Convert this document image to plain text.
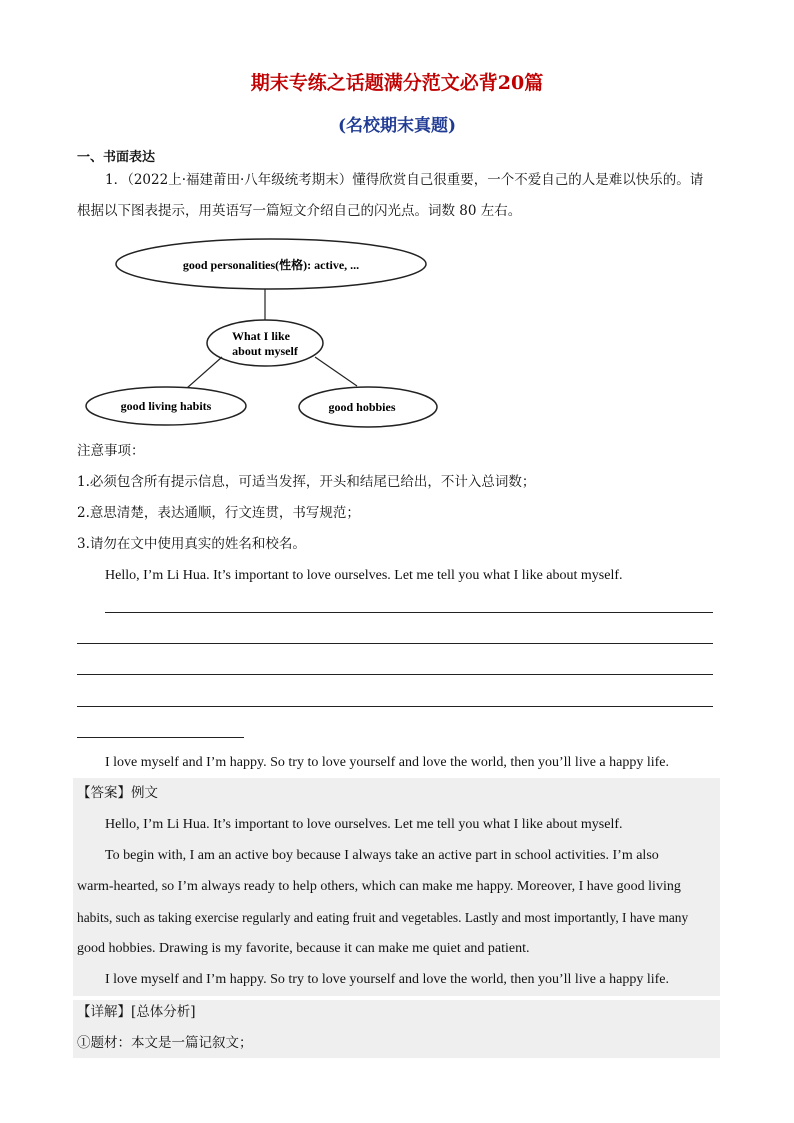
期末专练之话题满分范文必背20篇
(名校期末真题)
一、书面表达
1．（2022上·福建莆田·八年级统考期末）懂得欣赏自己很重要，一个不爱自己的人是难以快乐的。请
根据以下图表提示，用英语写一篇短文介绍自己的闪光点。词数 80 左右。
good personalities(性格): active, ...
What I like
about myself
good living habits	good hobbies
注意事项：
1.必须包含所有提示信息，可适当发挥，开头和结尾已给出，不计入总词数；
2.意思清楚，表达通顺，行文连贯，书写规范；
3.请勿在文中使用真实的姓名和校名。
Hello, I’m Li Hua. It’s important to love ourselves. Let me tell you what I like about myself.
I love myself and I’m happy. So try to love yourself and love the world, then you’ll live a happy life.
【答案】例文
Hello, I’m Li Hua. It’s important to love ourselves. Let me tell you what I like about myself.
To begin with, I am an active boy because I always take an active part in school activities. I’m also
warm-hearted, so I’m always ready to help others, which can make me happy. Moreover, I have good living
habits, such as taking exercise regularly and eating fruit and vegetables. Lastly and most importantly, I have many
good hobbies. Drawing is my favorite, because it can make me quiet and patient.
I love myself and I’m happy. So try to love yourself and love the world, then you’ll live a happy life.
【详解】[总体分析]
①题材：本文是一篇记叙文；
